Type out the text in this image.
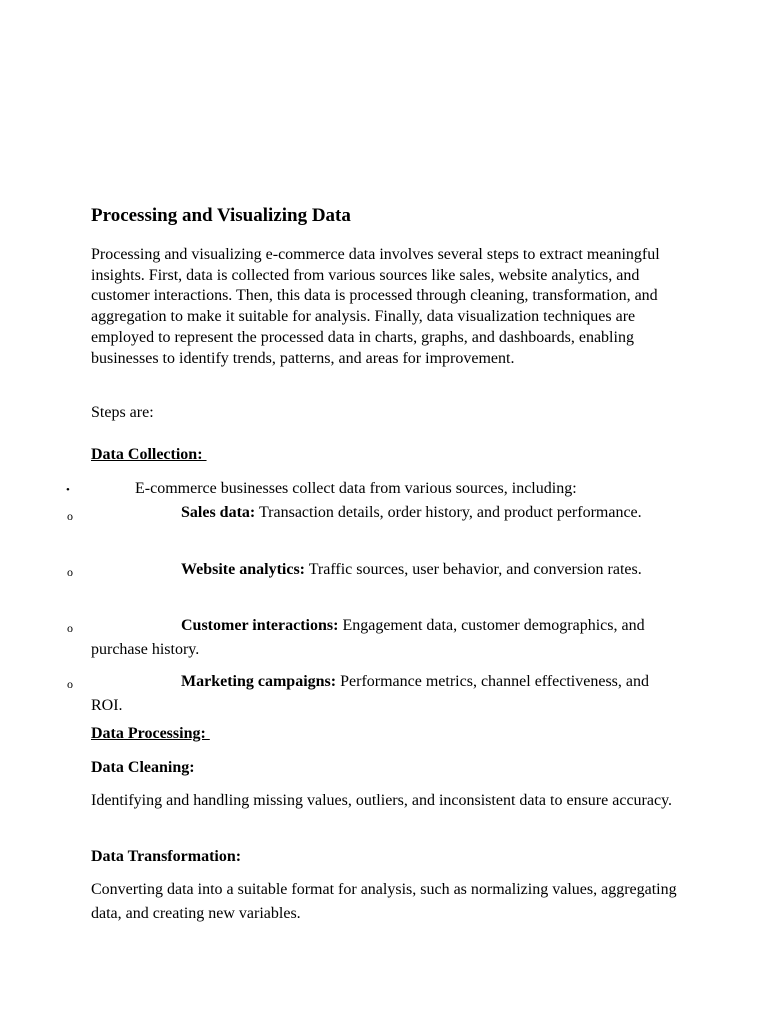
Processing and Visualizing Data

Processing and visualizing e-commerce data involves several steps to extract meaningful insights. First, data is collected from various sources like sales, website analytics, and customer interactions. Then, this data is processed through cleaning, transformation, and aggregation to make it suitable for analysis. Finally, data visualization techniques are employed to represent the processed data in charts, graphs, and dashboards, enabling businesses to identify trends, patterns, and areas for improvement.

Steps are:

Data Collection:

•	E-commerce businesses collect data from various sources, including:

o	Sales data: Transaction details, order history, and product performance.

o	Website analytics: Traffic sources, user behavior, and conversion rates.

o	Customer interactions: Engagement data, customer demographics, and purchase history.

o	Marketing campaigns: Performance metrics, channel effectiveness, and ROI.

Data Processing:

Data Cleaning:

Identifying and handling missing values, outliers, and inconsistent data to ensure accuracy.

Data Transformation:

Converting data into a suitable format for analysis, such as normalizing values, aggregating data, and creating new variables.
